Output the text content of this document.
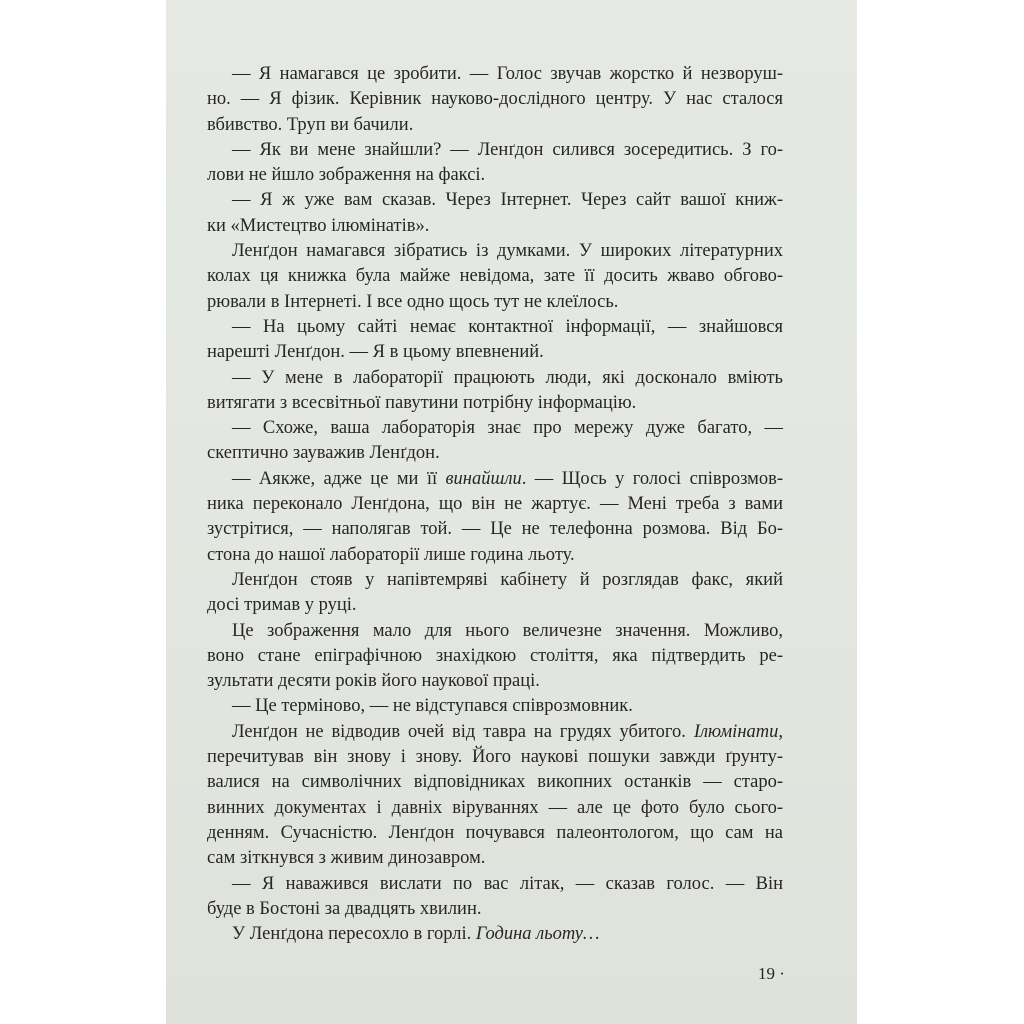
— Я намагався це зробити. — Голос звучав жорстко й незворуш-
но. — Я фізик. Керівник науково-дослідного центру. У нас сталося
вбивство. Труп ви бачили.
— Як ви мене знайшли? — Ленґдон силився зосередитись. З го-
лови не йшло зображення на факсі.
— Я ж уже вам сказав. Через Інтернет. Через сайт вашої книж-
ки «Мистецтво ілюмінатів».
Ленґдон намагався зібратись із думками. У широких літературних
колах ця книжка була майже невідома, зате її досить жваво обгово-
рювали в Інтернеті. І все одно щось тут не клеїлось.
— На цьому сайті немає контактної інформації, — знайшовся
нарешті Ленґдон. — Я в цьому впевнений.
— У мене в лабораторії працюють люди, які досконало вміють
витягати з всесвітньої павутини потрібну інформацію.
— Схоже, ваша лабораторія знає про мережу дуже багато, —
скептично зауважив Ленґдон.
— Аякже, адже це ми її винайшли. — Щось у голосі співрозмов-
ника переконало Ленґдона, що він не жартує. — Мені треба з вами
зустрітися, — наполягав той. — Це не телефонна розмова. Від Бо-
стона до нашої лабораторії лише година льоту.
Ленґдон стояв у напівтемряві кабінету й розглядав факс, який
досі тримав у руці.
Це зображення мало для нього величезне значення. Можливо,
воно стане епіграфічною знахідкою століття, яка підтвердить ре-
зультати десяти років його наукової праці.
— Це терміново, — не відступався співрозмовник.
Ленґдон не відводив очей від тавра на грудях убитого. Ілюмінати,
перечитував він знову і знову. Його наукові пошуки завжди ґрунту-
валися на символічних відповідниках викопних останків — старо-
винних документах і давніх віруваннях — але це фото було сього-
денням. Сучасністю. Ленґдон почувався палеонтологом, що сам на
сам зіткнувся з живим динозавром.
— Я наважився вислати по вас літак, — сказав голос. — Він
буде в Бостоні за двадцять хвилин.
У Ленґдона пересохло в горлі. Година льоту…
19 ·
